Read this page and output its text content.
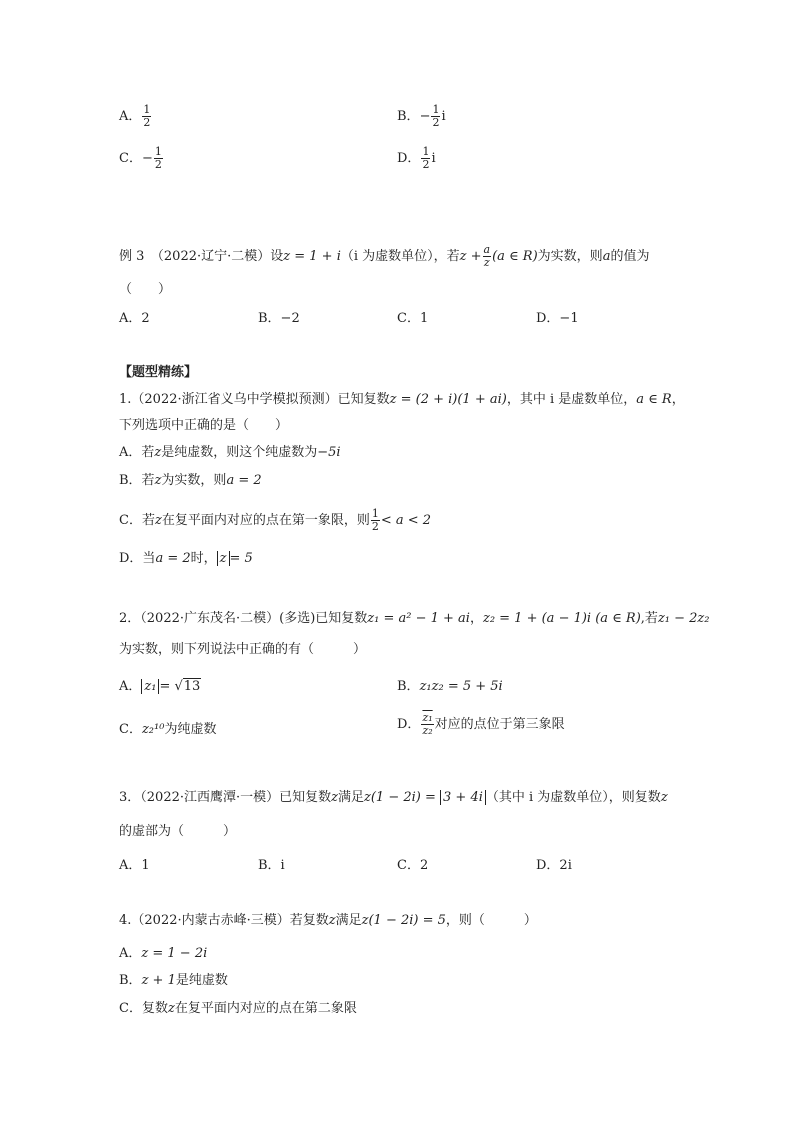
A． $\frac{1}{2}$	B．− $\frac{1}{2}$ i
C．− $\frac{1}{2}$	D． $\frac{1}{2}$ i
例 3　（2022·辽宁·二模）设z = 1 + i（i 为虚数单位），若$z + \frac{a}{z} (a$ ∈ R)为实数，则a的值为
（　　）
A．2	B．−2	C．1	D．−1
【题型精练】
1.（2022·浙江省义乌中学模拟预测）已知复数z = (2 + i)(1 + ai)，其中 i 是虚数单位，a ∈ R，
下列选项中正确的是（　　）
A．若z是纯虚数，则这个纯虚数为−5i
B．若z为实数，则a = 2
C．若z在复平面内对应的点在第一象限，则 $\frac{1}{2} < a < 2$
D．当a = 2时， z = 5
2．（2022·广东茂名·二模）(多选)已知复数z₁ = a² − 1 + ai，z₂ = 1 + (a − 1)i (a ∈ R),若z₁ − 2z₂
为实数，则下列说法中正确的有（　　　）
A． z₁ = √13	B．z₁z₂ = 5 + 5i
C．z₂¹⁰为纯虚数	D． $\frac{\text{z₁}}{\text{z₂}}$ 对应的点位于第三象限
3．（2022·江西鹰潭·一模）已知复数z满足z(1 − 2i) = 3 + 4i （其中 i 为虚数单位），则复数z
的虚部为（　　　）
A．1	B．i	C．2	D．2i
4.（2022·内蒙古赤峰·三模）若复数z满足z(1 − 2i) = 5，则（　　　）
A．z = 1 − 2i
B．z + 1是纯虚数
C．复数z在复平面内对应的点在第二象限
